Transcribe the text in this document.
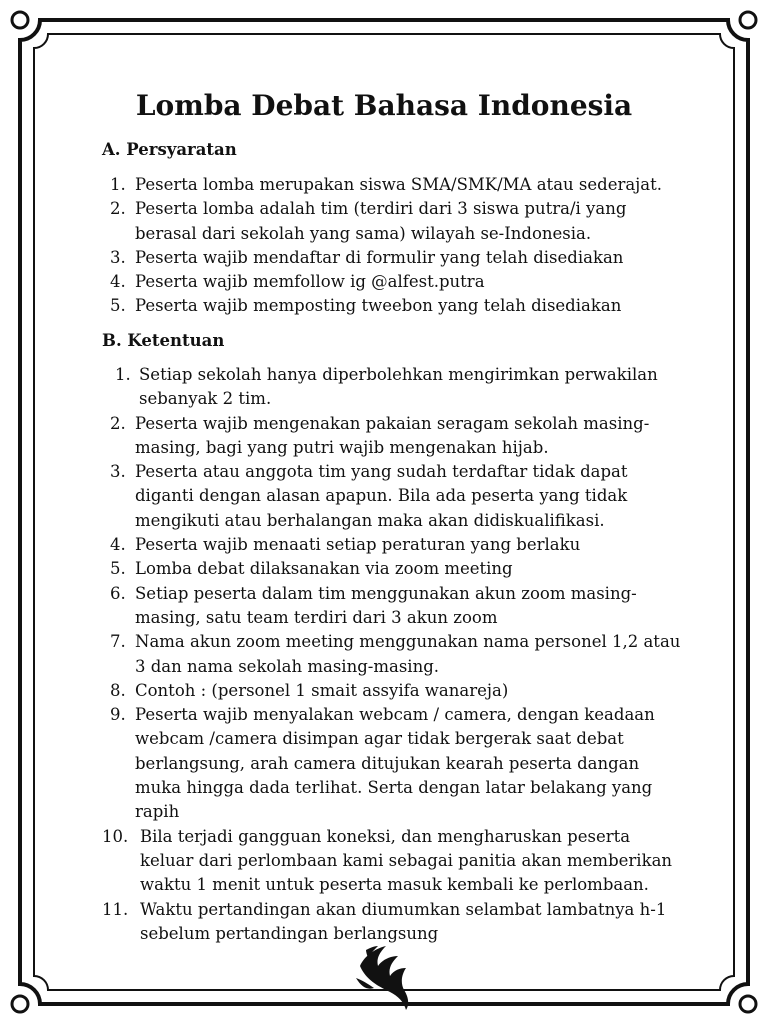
Lomba Debat Bahasa Indonesia
A. Persyaratan
1. Peserta lomba merupakan siswa SMA/SMK/MA atau sederajat.
2. Peserta lomba adalah tim (terdiri dari 3 siswa putra/i yang berasal dari sekolah yang sama) wilayah se-Indonesia.
3. Peserta wajib mendaftar di formulir yang telah disediakan
4. Peserta wajib memfollow ig @alfest.putra
5. Peserta wajib memposting tweebon yang telah disediakan
B. Ketentuan
1. Setiap sekolah hanya diperbolehkan mengirimkan perwakilan sebanyak 2 tim.
2. Peserta wajib mengenakan pakaian seragam sekolah masing-masing, bagi yang putri wajib mengenakan hijab.
3. Peserta atau anggota tim yang sudah terdaftar tidak dapat diganti dengan alasan apapun. Bila ada peserta yang tidak mengikuti atau berhalangan maka akan didiskualifikasi.
4. Peserta wajib menaati setiap peraturan yang berlaku
5. Lomba debat dilaksanakan via zoom meeting
6. Setiap peserta dalam tim menggunakan akun zoom masing-masing, satu team terdiri dari 3 akun zoom
7. Nama akun zoom meeting menggunakan nama personel 1,2 atau 3 dan nama sekolah masing-masing.
8. Contoh : (personel 1 smait assyifa wanareja)
9. Peserta wajib menyalakan webcam / camera, dengan keadaan webcam /camera disimpan agar tidak bergerak saat debat berlangsung, arah camera ditujukan kearah peserta dangan muka hingga dada terlihat. Serta dengan latar belakang yang rapih
10. Bila terjadi gangguan koneksi, dan mengharuskan peserta keluar dari perlombaan kami sebagai panitia akan memberikan waktu 1 menit untuk peserta masuk kembali ke perlombaan.
11. Waktu pertandingan akan diumumkan selambat lambatnya h-1 sebelum pertandingan berlangsung
